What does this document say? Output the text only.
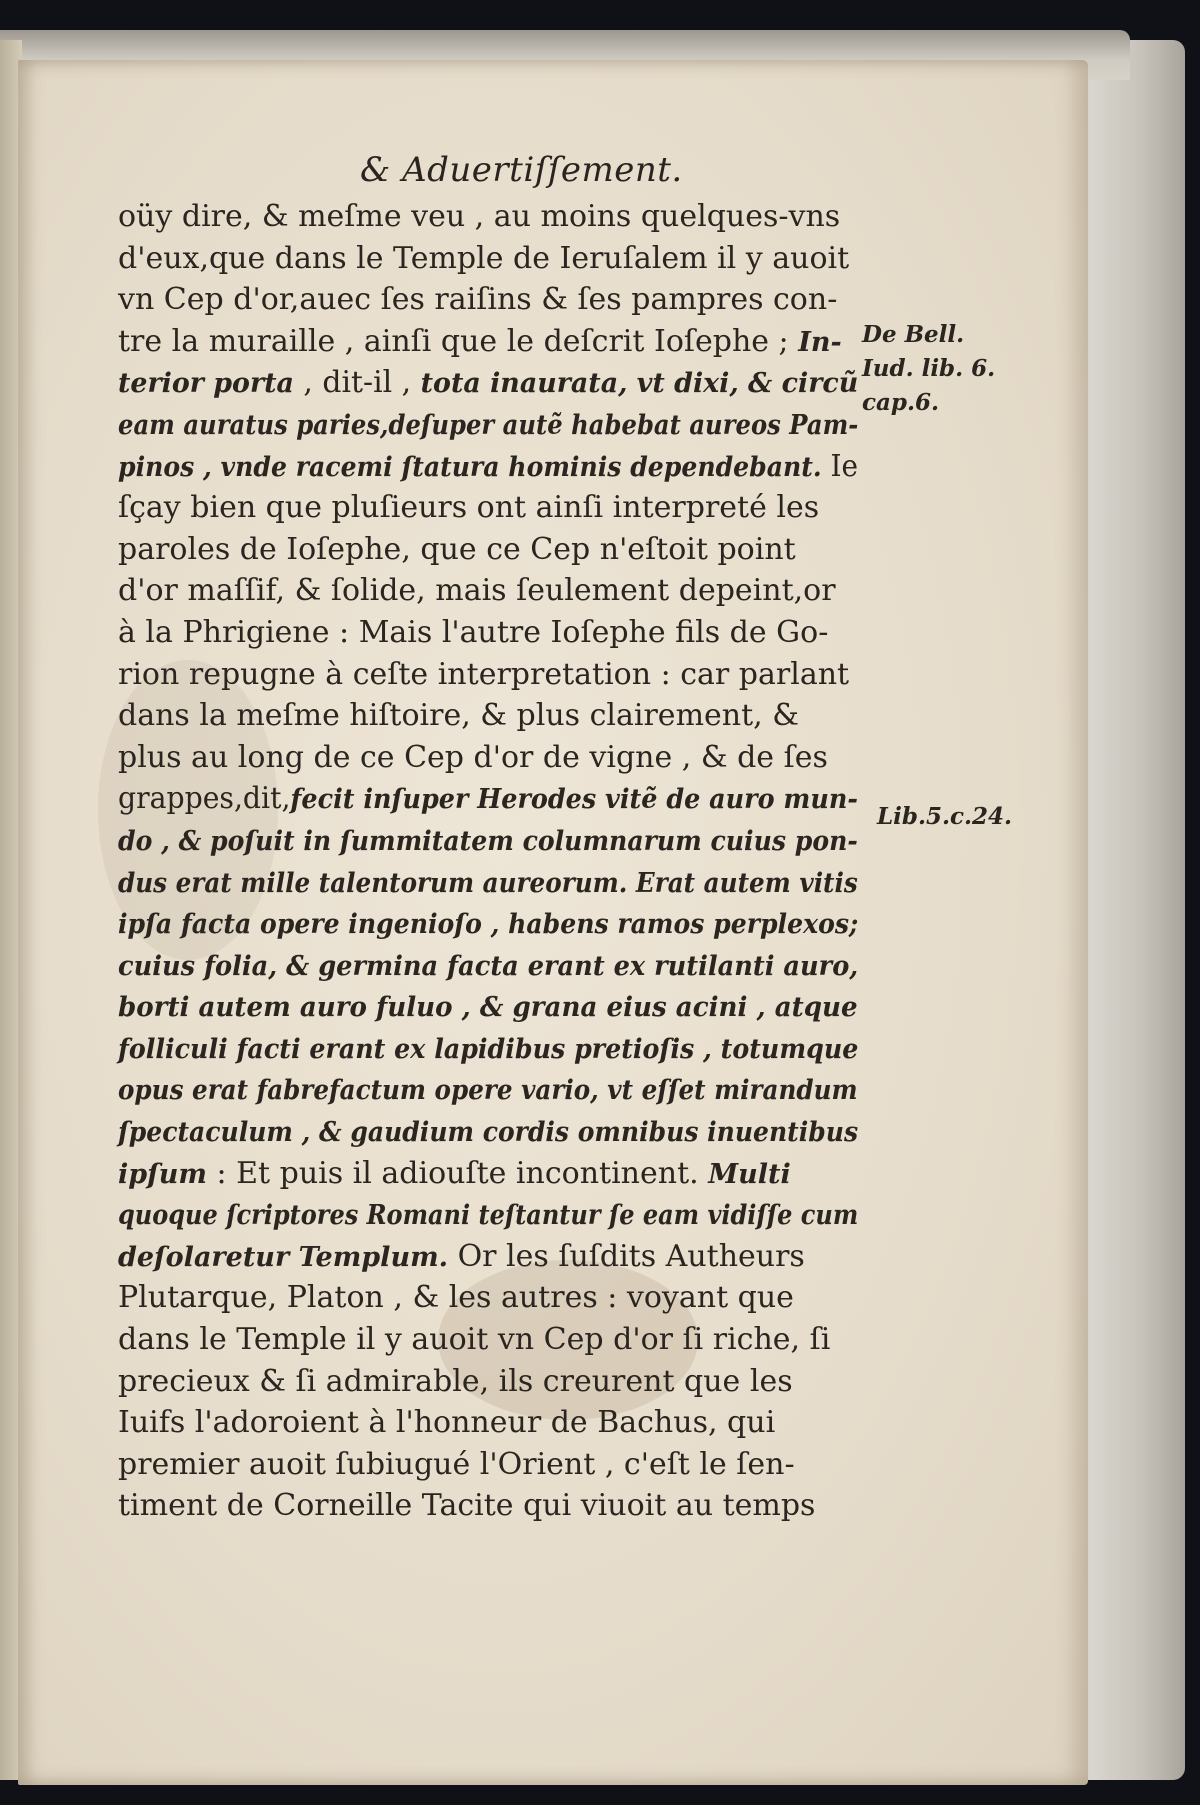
& Aduertiſſement.
oüy dire, & meſme veu , au moins quelques-vns
d'eux,que dans le Temple de Ieruſalem il y auoit
vn Cep d'or,auec ſes raiſins & ſes pampres con-
tre la muraille , ainſi que le deſcrit Ioſephe ; In-
terior porta , dit-il , tota inaurata, vt dixi, & circũ
eam auratus paries,deſuper autẽ habebat aureos Pam-
pinos , vnde racemi ſtatura hominis dependebant. Ie
ſçay bien que pluſieurs ont ainſi interpreté les
paroles de Ioſephe, que ce Cep n'eſtoit point
d'or maſſif, & ſolide, mais ſeulement depeint,or
à la Phrigiene : Mais l'autre Ioſephe fils de Go-
rion repugne à ceſte interpretation : car parlant
dans la meſme hiſtoire, & plus clairement, &
plus au long de ce Cep d'or de vigne , & de ſes
grappes,dit,fecit inſuper Herodes vitẽ de auro mun-
do , & poſuit in ſummitatem columnarum cuius pon-
dus erat mille talentorum aureorum. Erat autem vitis
ipſa facta opere ingenioſo , habens ramos perplexos;
cuius folia, & germina facta erant ex rutilanti auro,
borti autem auro fuluo , & grana eius acini , atque
folliculi facti erant ex lapidibus pretioſis , totumque
opus erat fabrefactum opere vario, vt eſſet mirandum
ſpectaculum , & gaudium cordis omnibus inuentibus
ipſum : Et puis il adiouſte incontinent. Multi
quoque ſcriptores Romani teſtantur ſe eam vidiſſe cum
deſolaretur Templum. Or les ſuſdits Autheurs
Plutarque, Platon , & les autres : voyant que
dans le Temple il y auoit vn Cep d'or ſi riche, ſi
precieux & ſi admirable, ils creurent que les
Iuifs l'adoroient à l'honneur de Bachus, qui
premier auoit ſubiugué l'Orient , c'eſt le ſen-
timent de Corneille Tacite qui viuoit au temps
De Bell.
Iud. lib. 6.
cap.6.
Lib.5.c.24.
